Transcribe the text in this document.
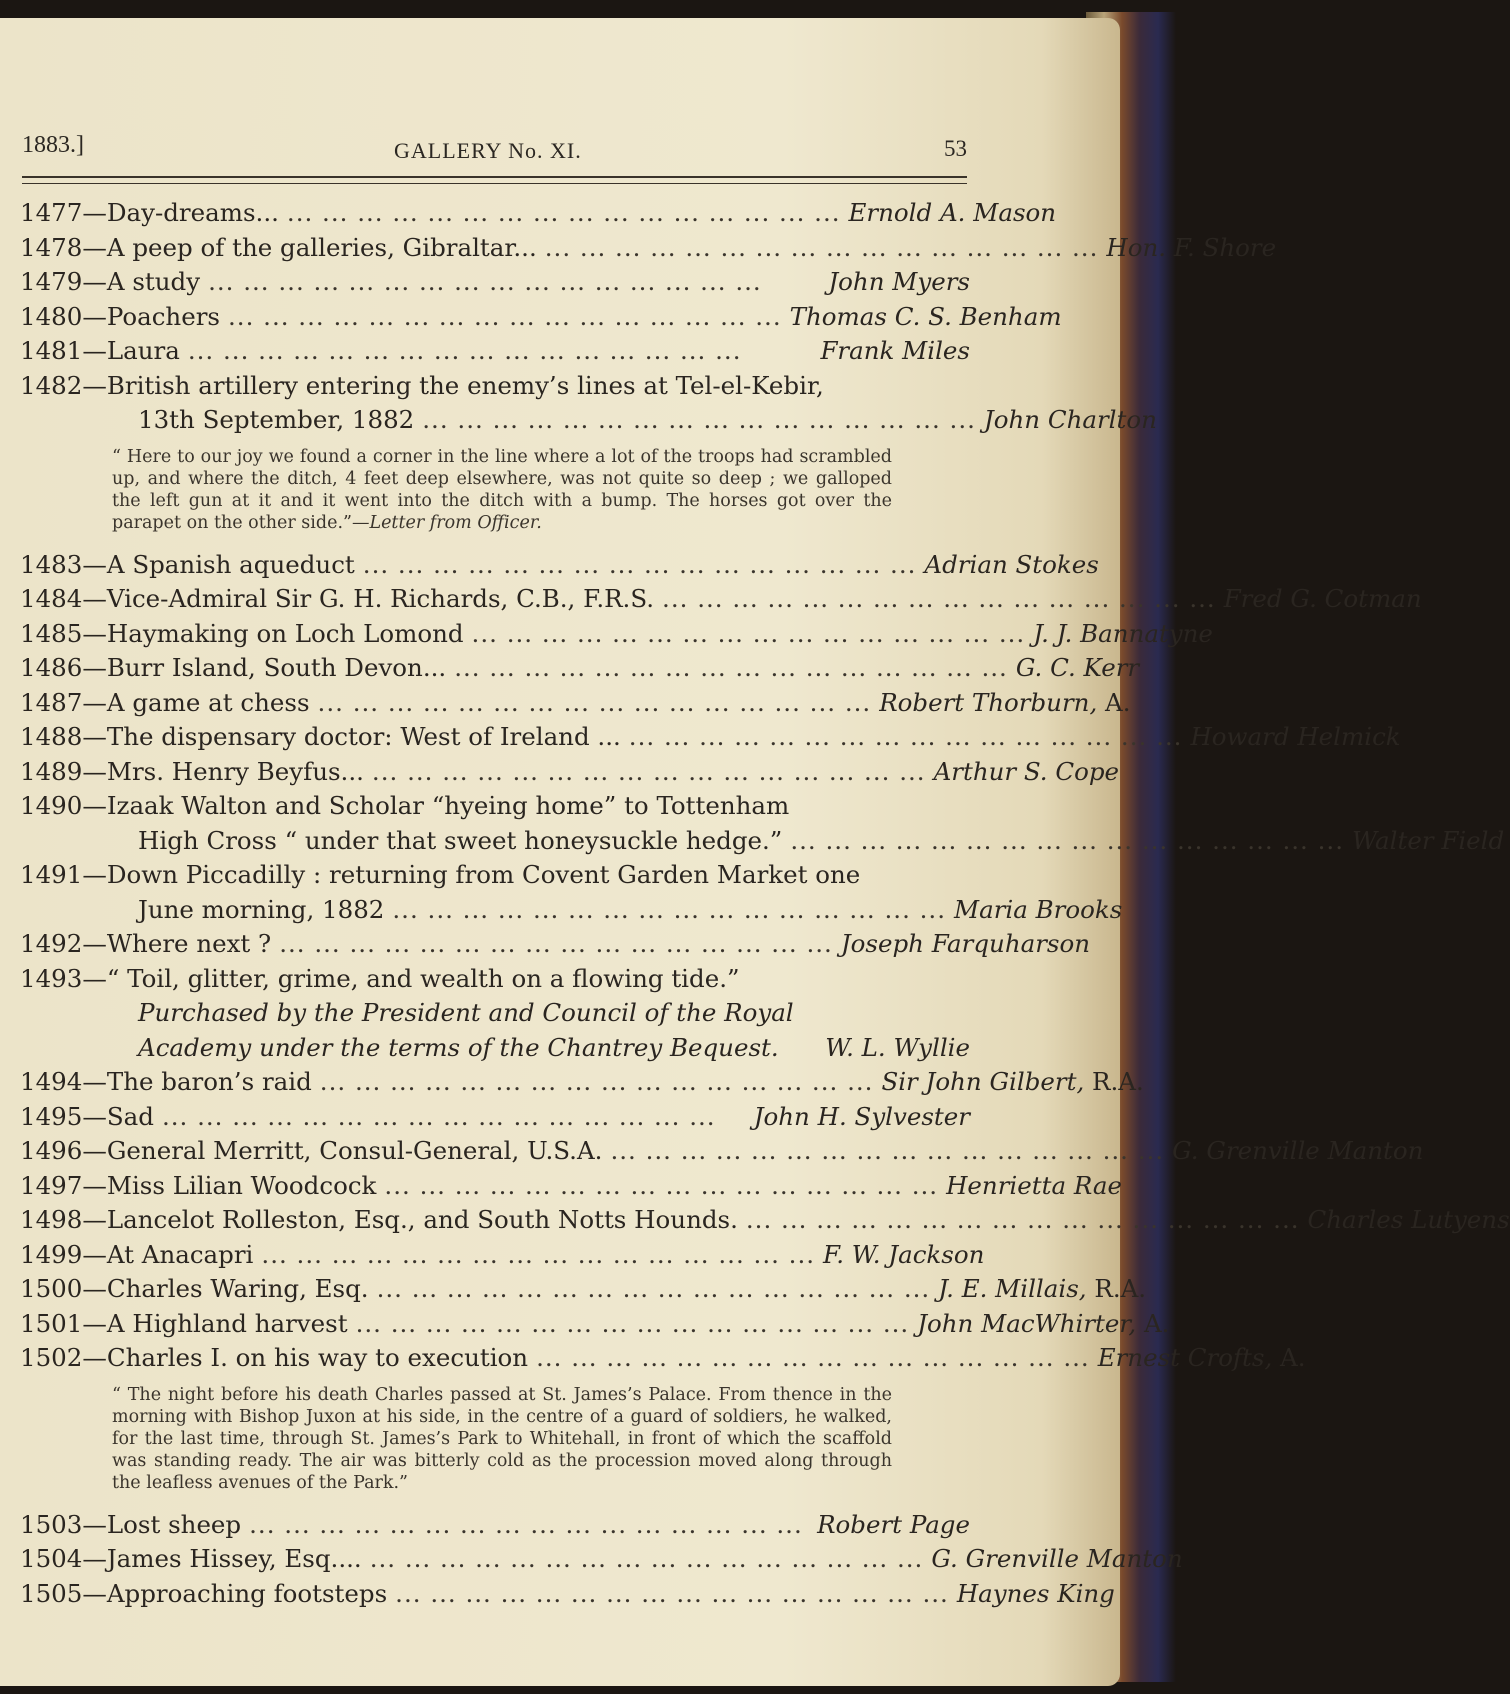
1883.]	GALLERY No. XI.	53
1477 — Day-dreams... ... ... ... ... ... ... ... ... ... ... ... ... ... ... ... ... Ernold A. Mason
1478 — A peep of the galleries, Gibraltar... ... ... ... ... ... ... ... ... ... ... ... ... ... ... ... ... Hon. F. Shore
1479 — A study ... ... ... ... ... ... ... ... ... ... ... ... ... ... ... ...	John Myers
1480 — Poachers ... ... ... ... ... ... ... ... ... ... ... ... ... ... ... ... Thomas C. S. Benham
1481 — Laura ... ... ... ... ... ... ... ... ... ... ... ... ... ... ... ...	Frank Miles
1482 — British artillery entering the enemy’s lines at Tel-el-Kebir,
13th September, 1882 ... ... ... ... ... ... ... ... ... ... ... ... ... ... ... ... John Charlton
“ Here to our joy we found a corner in the line where a lot of the troops had scrambled up, and where the ditch, 4 feet deep elsewhere, was not quite so deep ; we galloped the left gun at it and it went into the ditch with a bump. The horses got over the parapet on the other side.”—Letter from Officer.
1483 — A Spanish aqueduct ... ... ... ... ... ... ... ... ... ... ... ... ... ... ... ... Adrian Stokes
1484 — Vice-Admiral Sir G. H. Richards, C.B., F.R.S. ... ... ... ... ... ... ... ... ... ... ... ... ... ... ... ... Fred G. Cotman
1485 — Haymaking on Loch Lomond ... ... ... ... ... ... ... ... ... ... ... ... ... ... ... ... J. J. Bannatyne
1486 — Burr Island, South Devon... ... ... ... ... ... ... ... ... ... ... ... ... ... ... ... ... G. C. Kerr
1487 — A game at chess ... ... ... ... ... ... ... ... ... ... ... ... ... ... ... ... Robert Thorburn, A.
1488 — The dispensary doctor: West of Ireland ... ... ... ... ... ... ... ... ... ... ... ... ... ... ... ... ... Howard Helmick
1489 — Mrs. Henry Beyfus... ... ... ... ... ... ... ... ... ... ... ... ... ... ... ... ... Arthur S. Cope
1490 — Izaak Walton and Scholar “hyeing home” to Tottenham
High Cross “ under that sweet honeysuckle hedge.” ... ... ... ... ... ... ... ... ... ... ... ... ... ... ... ... Walter Field
1491 — Down Piccadilly : returning from Covent Garden Market one
June morning, 1882 ... ... ... ... ... ... ... ... ... ... ... ... ... ... ... ... Maria Brooks
1492 — Where next ? ... ... ... ... ... ... ... ... ... ... ... ... ... ... ... ... Joseph Farquharson
1493 — “ Toil, glitter, grime, and wealth on a flowing tide.”
Purchased by the President and Council of the Royal
Academy under the terms of the Chantrey Bequest. W. L. Wyllie
1494 — The baron’s raid ... ... ... ... ... ... ... ... ... ... ... ... ... ... ... ... Sir John Gilbert, R.A.
1495 — Sad ... ... ... ... ... ... ... ... ... ... ... ... ... ... ... ...	John H. Sylvester
1496 — General Merritt, Consul-General, U.S.A. ... ... ... ... ... ... ... ... ... ... ... ... ... ... ... ... G. Grenville Manton
1497 — Miss Lilian Woodcock ... ... ... ... ... ... ... ... ... ... ... ... ... ... ... ... Henrietta Rae
1498 — Lancelot Rolleston, Esq., and South Notts Hounds. ... ... ... ... ... ... ... ... ... ... ... ... ... ... ... ... Charles Lutyens
1499 — At Anacapri ... ... ... ... ... ... ... ... ... ... ... ... ... ... ... ... F. W. Jackson
1500 — Charles Waring, Esq. ... ... ... ... ... ... ... ... ... ... ... ... ... ... ... ... J. E. Millais, R.A.
1501 — A Highland harvest ... ... ... ... ... ... ... ... ... ... ... ... ... ... ... ... John MacWhirter, A.
1502 — Charles I. on his way to execution ... ... ... ... ... ... ... ... ... ... ... ... ... ... ... ... Ernest Crofts, A.
“ The night before his death Charles passed at St. James’s Palace. From thence in the morning with Bishop Juxon at his side, in the centre of a guard of soldiers, he walked, for the last time, through St. James’s Park to Whitehall, in front of which the scaffold was standing ready. The air was bitterly cold as the procession moved along through the leafless avenues of the Park.”
1503 — Lost sheep ... ... ... ... ... ... ... ... ... ... ... ... ... ... ... ... Robert Page
1504 — James Hissey, Esq.... ... ... ... ... ... ... ... ... ... ... ... ... ... ... ... ... G. Grenville Manton
1505 — Approaching footsteps ... ... ... ... ... ... ... ... ... ... ... ... ... ... ... ... Haynes King
